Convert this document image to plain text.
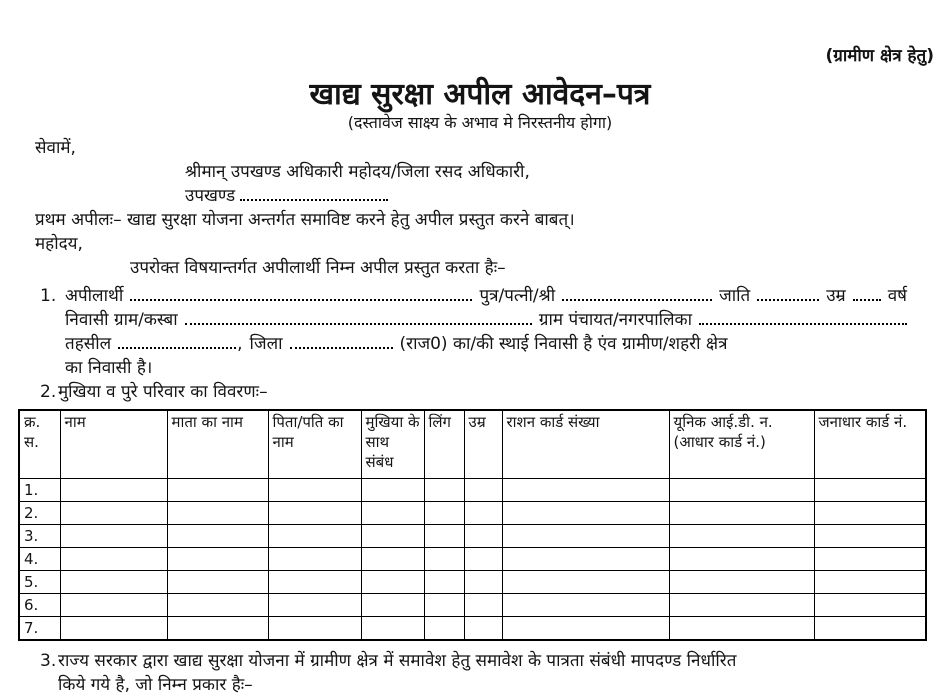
(ग्रामीण क्षेत्र हेतु)
खाद्य सुरक्षा अपील आवेदन–पत्र
(दस्तावेज साक्ष्य के अभाव मे निरस्तनीय होगा)
सेवामें,
श्रीमान् उपखण्ड अधिकारी महोदय/जिला रसद अधिकारी,
उपखण्ड
प्रथम अपीलः– खाद्य सुरक्षा योजना अन्तर्गत समाविष्ट करने हेतु अपील प्रस्तुत करने बाबत्।
महोदय,
उपरोक्त विषयान्तर्गत अपीलार्थी निम्न अपील प्रस्तुत करता हैः–
1. अपीलार्थी	पुत्र/पत्नी/श्री	जाति	उम्र वर्ष
निवासी ग्राम/कस्बा	ग्राम पंचायत/नगरपालिका
तहसील	, जिला	(राज0) का/की स्थाई निवासी है एंव ग्रामीण/शहरी क्षेत्र
का निवासी है।
2. मुखिया व पुरे परिवार का विवरणः–
क्र. स.	नाम	माता का नाम	पिता/पति का नाम	मुखिया के साथ संबंध	लिंग	उम्र	राशन कार्ड संख्या	यूनिक आई.डी. न. (आधार कार्ड नं.)	जनाधार कार्ड नं.
1.									
2.									
3.									
4.									
5.									
6.									
7.									
3. राज्य सरकार द्वारा खाद्य सुरक्षा योजना में ग्रामीण क्षेत्र में समावेश हेतु समावेश के पात्रता संबंधी मापदण्ड निर्धारित
किये गये है, जो निम्न प्रकार हैः–
